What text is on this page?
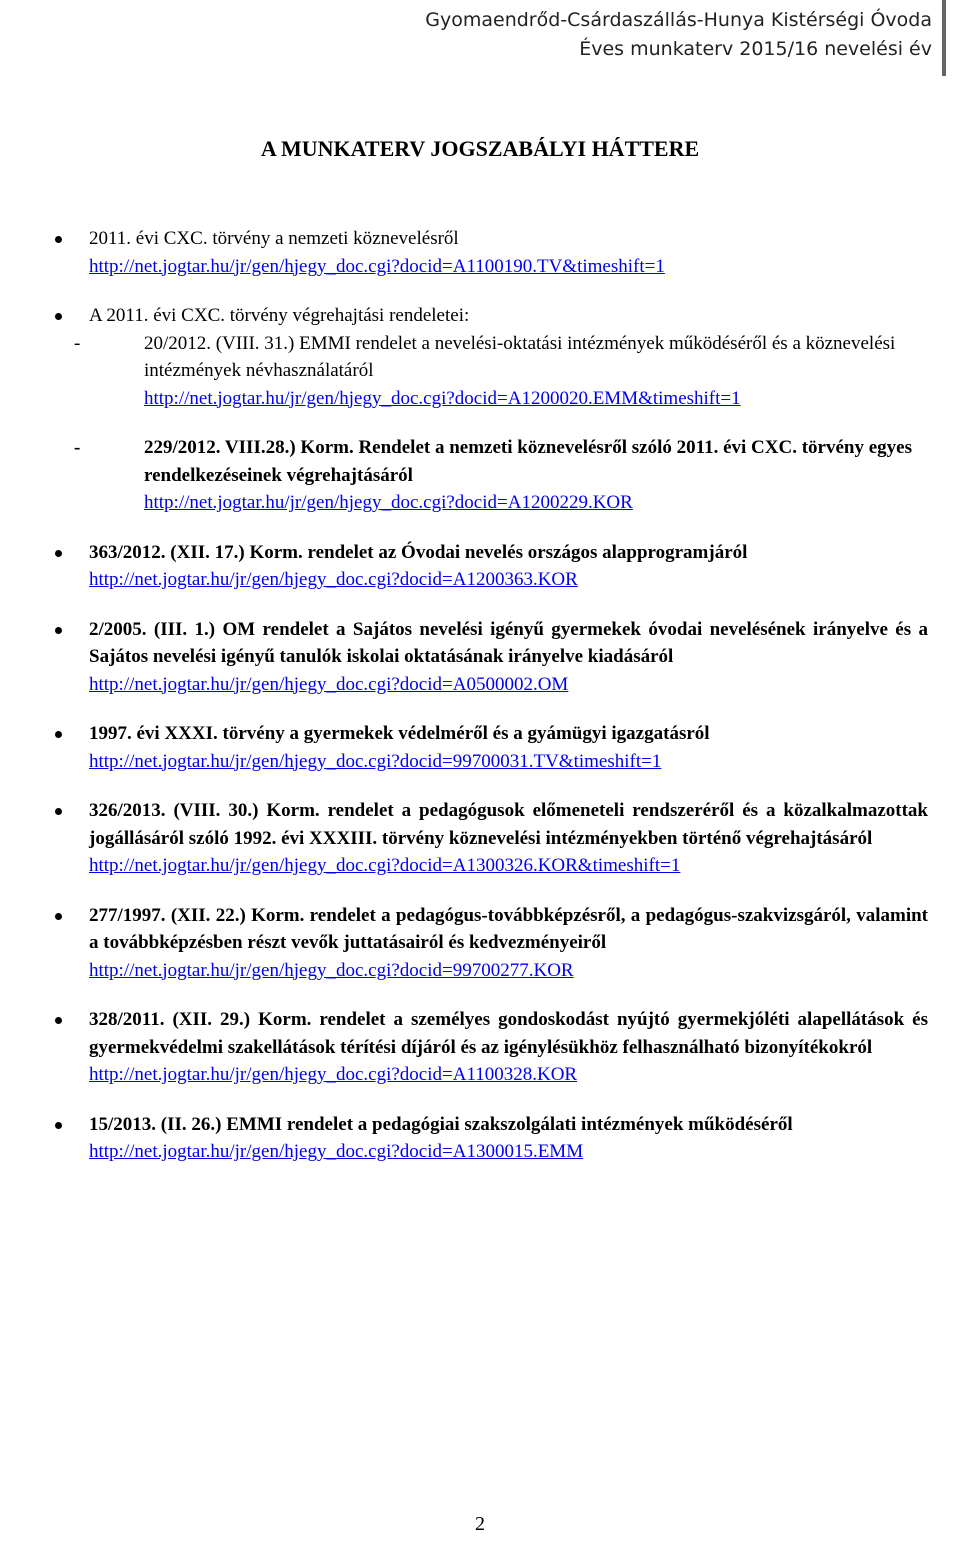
Gyomaendrőd-Csárdaszállás-Hunya Kistérségi Óvoda
Éves munkaterv 2015/16 nevelési év
A MUNKATERV JOGSZABÁLYI HÁTTERE
2011. évi CXC. törvény a nemzeti köznevelésről
http://net.jogtar.hu/jr/gen/hjegy_doc.cgi?docid=A1100190.TV&timeshift=1
A 2011. évi CXC. törvény végrehajtási rendeletei:
-	20/2012. (VIII. 31.) EMMI rendelet a nevelési-oktatási intézmények működéséről és a köznevelési intézmények névhasználatáról
http://net.jogtar.hu/jr/gen/hjegy_doc.cgi?docid=A1200020.EMM&timeshift=1
-	229/2012. VIII.28.) Korm. Rendelet a nemzeti köznevelésről szóló 2011. évi CXC. törvény egyes rendelkezéseinek végrehajtásáról
http://net.jogtar.hu/jr/gen/hjegy_doc.cgi?docid=A1200229.KOR
363/2012. (XII. 17.) Korm. rendelet az Óvodai nevelés országos alapprogramjáról
http://net.jogtar.hu/jr/gen/hjegy_doc.cgi?docid=A1200363.KOR
2/2005. (III. 1.) OM rendelet a Sajátos nevelési igényű gyermekek óvodai nevelésének irányelve és a Sajátos nevelési igényű tanulók iskolai oktatásának irányelve kiadásáról
http://net.jogtar.hu/jr/gen/hjegy_doc.cgi?docid=A0500002.OM
1997. évi XXXI. törvény a gyermekek védelméről és a gyámügyi igazgatásról
http://net.jogtar.hu/jr/gen/hjegy_doc.cgi?docid=99700031.TV&timeshift=1
326/2013. (VIII. 30.) Korm. rendelet a pedagógusok előmeneteli rendszeréről és a közalkalmazottak jogállásáról szóló 1992. évi XXXIII. törvény köznevelési intézményekben történő végrehajtásáról
http://net.jogtar.hu/jr/gen/hjegy_doc.cgi?docid=A1300326.KOR&timeshift=1
277/1997. (XII. 22.) Korm. rendelet a pedagógus-továbbképzésről, a pedagógus-szakvizsgáról, valamint a továbbképzésben részt vevők juttatásairól és kedvezményeiről
http://net.jogtar.hu/jr/gen/hjegy_doc.cgi?docid=99700277.KOR
328/2011. (XII. 29.) Korm. rendelet a személyes gondoskodást nyújtó gyermekjóléti alapellátások és gyermekvédelmi szakellátások térítési díjáról és az igénylésükhöz felhasználható bizonyítékokról
http://net.jogtar.hu/jr/gen/hjegy_doc.cgi?docid=A1100328.KOR
15/2013. (II. 26.) EMMI rendelet a pedagógiai szakszolgálati intézmények működéséről
http://net.jogtar.hu/jr/gen/hjegy_doc.cgi?docid=A1300015.EMM
2
